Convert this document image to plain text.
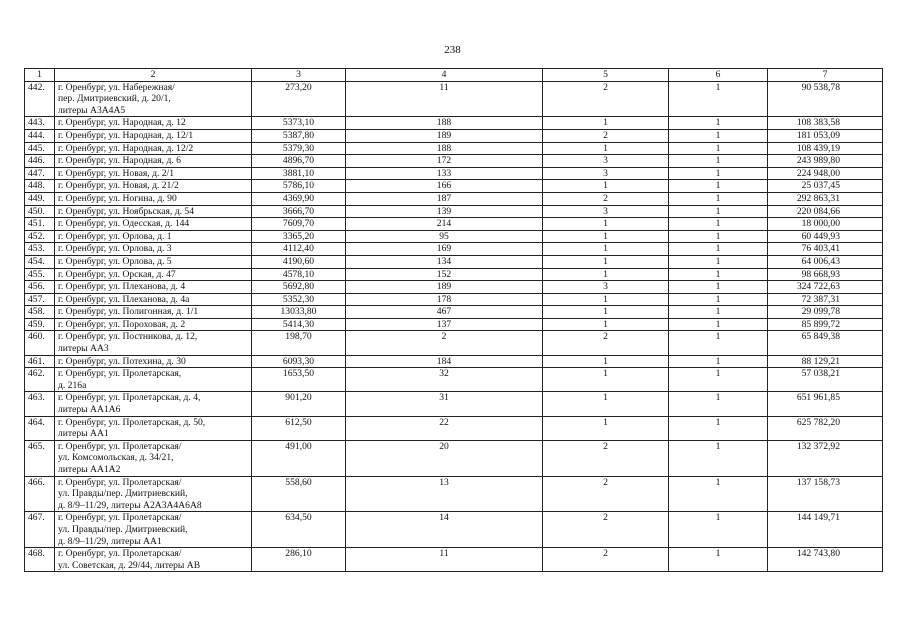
238
1	2	3	4	5	6	7
442.	г. Оренбург, ул. Набережная/
пер. Дмитриевский, д. 20/1,
литеры А3А4А5	273,20	11	2	1	90 538,78
443.	г. Оренбург, ул. Народная, д. 12	5373,10	188	1	1	108 383,58
444.	г. Оренбург, ул. Народная, д. 12/1	5387,80	189	2	1	181 053,09
445.	г. Оренбург, ул. Народная, д. 12/2	5379,30	188	1	1	108 439,19
446.	г. Оренбург, ул. Народная, д. 6	4896,70	172	3	1	243 989,80
447.	г. Оренбург, ул. Новая, д. 2/1	3881,10	133	3	1	224 948,00
448.	г. Оренбург, ул. Новая, д. 21/2	5786,10	166	1	1	25 037,45
449.	г. Оренбург, ул. Ногина, д. 90	4369,90	187	2	1	292 863,31
450.	г. Оренбург, ул. Ноябрьская, д. 54	3666,70	139	3	1	220 084,66
451.	г. Оренбург, ул. Одесская, д. 144	7609,70	214	1	1	18 000,00
452.	г. Оренбург, ул. Орлова, д. 1	3365,20	95	1	1	60 449,93
453.	г. Оренбург, ул. Орлова, д. 3	4112,40	169	1	1	76 403,41
454.	г. Оренбург, ул. Орлова, д. 5	4190,60	134	1	1	64 006,43
455.	г. Оренбург, ул. Орская, д. 47	4578,10	152	1	1	98 668,93
456.	г. Оренбург, ул. Плеханова, д. 4	5692,80	189	3	1	324 722,63
457.	г. Оренбург, ул. Плеханова, д. 4а	5352,30	178	1	1	72 387,31
458.	г. Оренбург, ул. Полигонная, д. 1/1	13033,80	467	1	1	29 099,78
459.	г. Оренбург, ул. Пороховая, д. 2	5414,30	137	1	1	85 899,72
460.	г. Оренбург, ул. Постникова, д. 12,
литеры АА3	198,70	2	2	1	65 849,38
461.	г. Оренбург, ул. Потехина, д. 30	6093,30	184	1	1	88 129,21
462.	г. Оренбург, ул. Пролетарская,
д. 216а	1653,50	32	1	1	57 038,21
463.	г. Оренбург, ул. Пролетарская, д. 4,
литеры АА1А6	901,20	31	1	1	651 961,85
464.	г. Оренбург, ул. Пролетарская, д. 50,
литеры АА1	612,50	22	1	1	625 782,20
465.	г. Оренбург, ул. Пролетарская/
ул. Комсомольская, д. 34/21,
литеры АА1А2	491,00	20	2	1	132 372,92
466.	г. Оренбург, ул. Пролетарская/
ул. Правды/пер. Дмитриевский,
д. 8/9–11/29, литеры А2А3А4А6А8	558,60	13	2	1	137 158,73
467.	г. Оренбург, ул. Пролетарская/
ул. Правды/пер. Дмитриевский,
д. 8/9–11/29, литеры АА1	634,50	14	2	1	144 149,71
468.	г. Оренбург, ул. Пролетарская/
ул. Советская, д. 29/44, литеры АВ	286,10	11	2	1	142 743,80
